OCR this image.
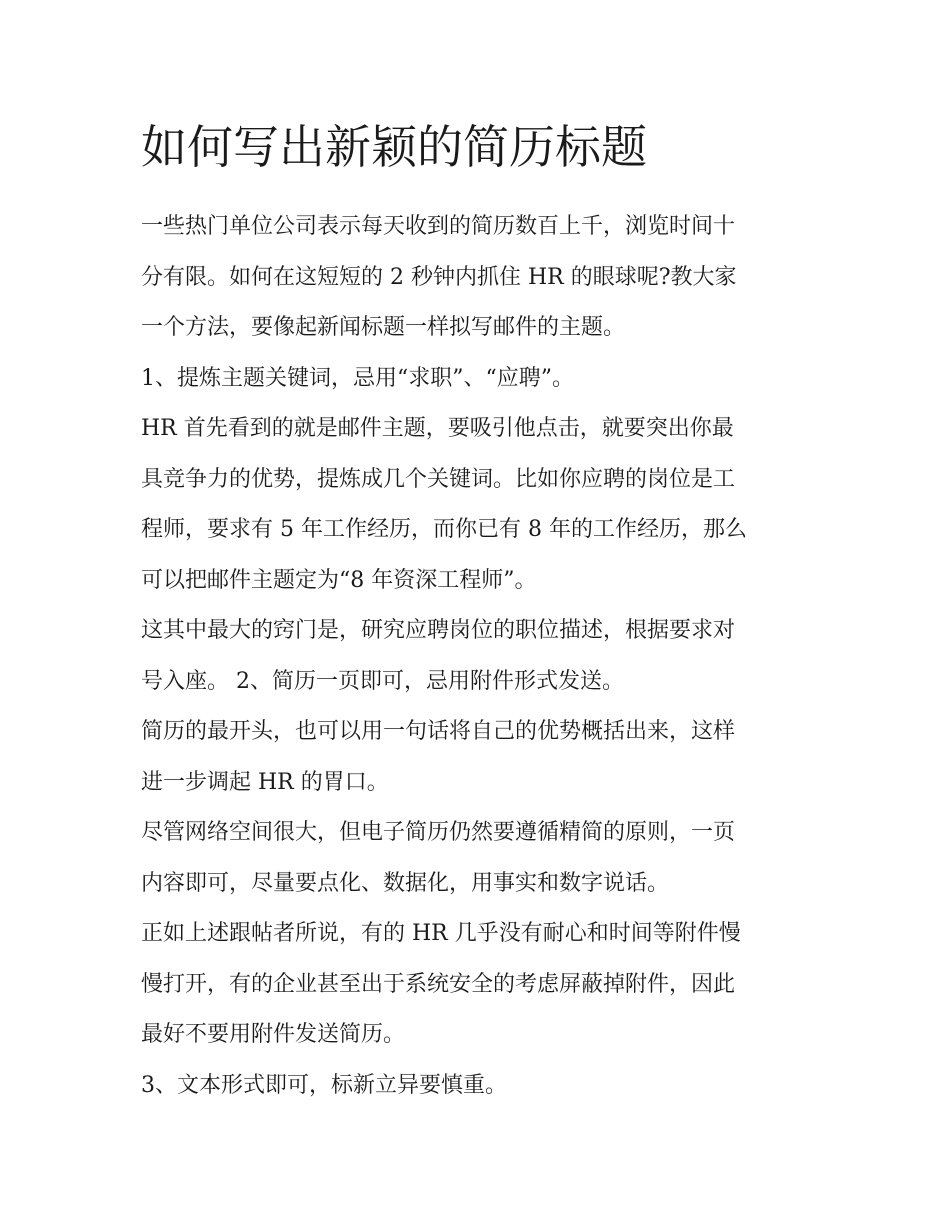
如何写出新颖的简历标题

一些热门单位公司表示每天收到的简历数百上千，浏览时间十

分有限。如何在这短短的 2 秒钟内抓住 HR 的眼球呢?教大家

一个方法，要像起新闻标题一样拟写邮件的主题。

1、提炼主题关键词，忌用“求职”、“应聘”。

HR 首先看到的就是邮件主题，要吸引他点击，就要突出你最

具竞争力的优势，提炼成几个关键词。比如你应聘的岗位是工

程师，要求有 5 年工作经历，而你已有 8 年的工作经历，那么

可以把邮件主题定为“8 年资深工程师”。

这其中最大的窍门是，研究应聘岗位的职位描述，根据要求对

号入座。 2、简历一页即可，忌用附件形式发送。

简历的最开头，也可以用一句话将自己的优势概括出来，这样

进一步调起 HR 的胃口。

尽管网络空间很大，但电子简历仍然要遵循精简的原则，一页

内容即可，尽量要点化、数据化，用事实和数字说话。

正如上述跟帖者所说，有的 HR 几乎没有耐心和时间等附件慢

慢打开，有的企业甚至出于系统安全的考虑屏蔽掉附件，因此

最好不要用附件发送简历。

3、文本形式即可，标新立异要慎重。
